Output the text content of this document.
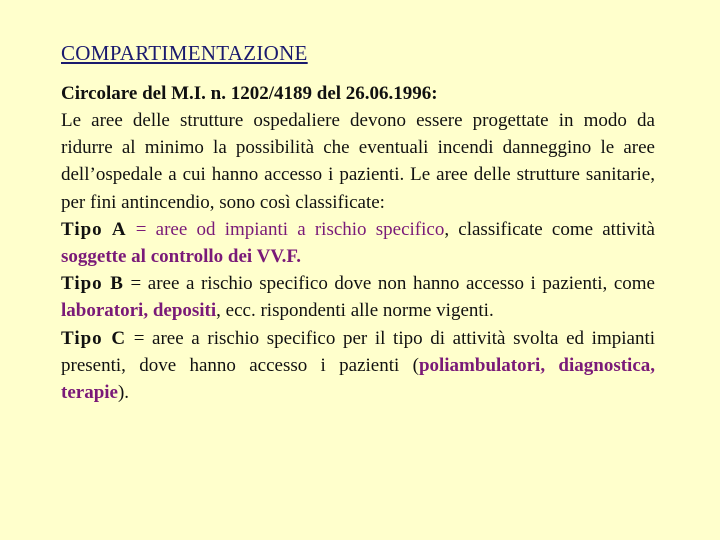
COMPARTIMENTAZIONE
Circolare del M.I. n. 1202/4189 del 26.06.1996:

Le aree delle strutture ospedaliere devono essere progettate in modo da ridurre al minimo la possibilità che eventuali incendi danneggino le aree dell’ospedale a cui hanno accesso i pazienti. Le aree delle strutture sanitarie, per fini antincendio, sono così classificate:

Tipo A = aree od impianti a rischio specifico, classificate come attività soggette al controllo dei VV.F.

Tipo B = aree a rischio specifico dove non hanno accesso i pazienti, come laboratori, depositi, ecc. rispondenti alle norme vigenti.

Tipo C = aree a rischio specifico per il tipo di attività svolta ed impianti presenti, dove hanno accesso i pazienti (poliambulatori, diagnostica, terapie).
